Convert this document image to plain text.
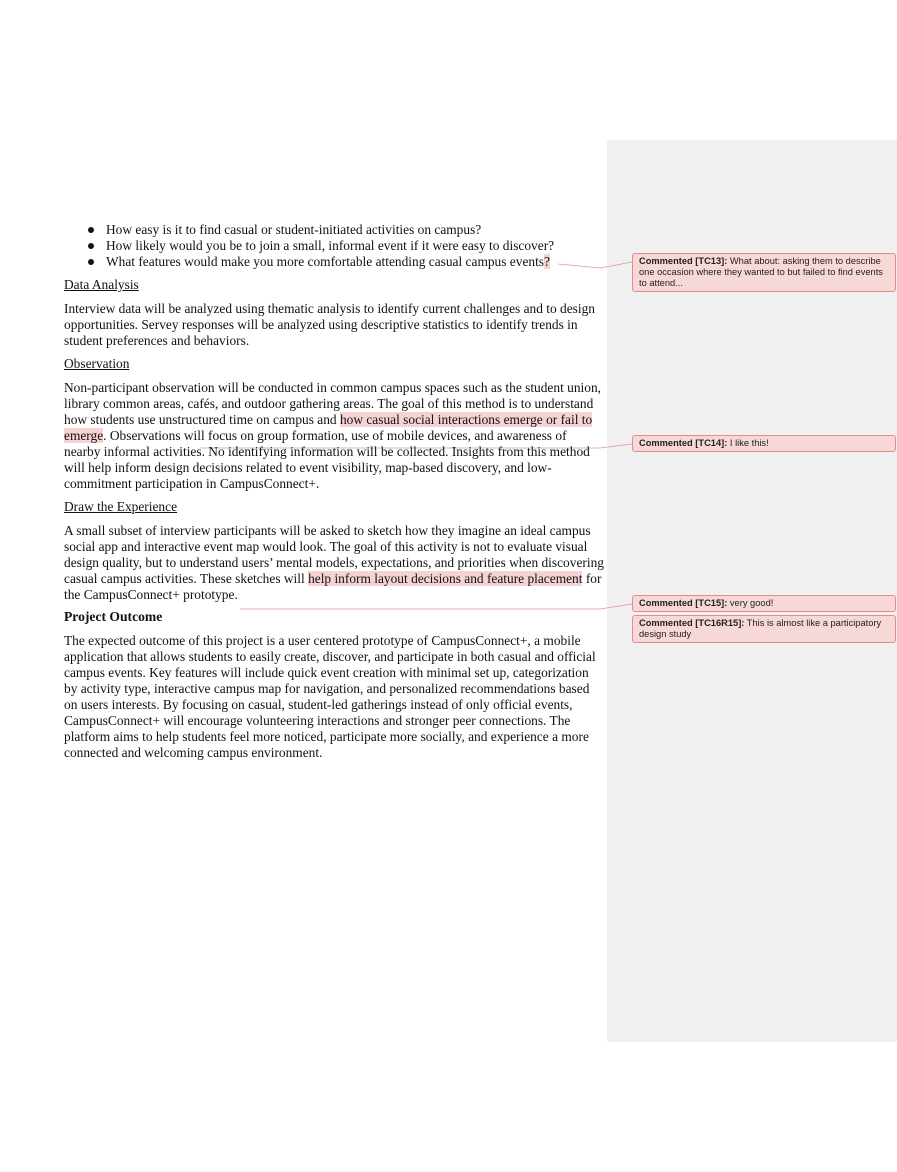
How easy is it to find casual or student-initiated activities on campus?
How likely would you be to join a small, informal event if it were easy to discover?
What features would make you more comfortable attending casual campus events?

Data Analysis

Interview data will be analyzed using thematic analysis to identify current challenges and to design opportunities. Servey responses will be analyzed using descriptive statistics to identify trends in student preferences and behaviors.

Observation

Non-participant observation will be conducted in common campus spaces such as the student union, library common areas, cafés, and outdoor gathering areas. The goal of this method is to understand how students use unstructured time on campus and how casual social interactions emerge or fail to emerge. Observations will focus on group formation, use of mobile devices, and awareness of nearby informal activities. No identifying information will be collected. Insights from this method will help inform design decisions related to event visibility, map-based discovery, and low-commitment participation in CampusConnect+.

Draw the Experience

A small subset of interview participants will be asked to sketch how they imagine an ideal campus social app and interactive event map would look. The goal of this activity is not to evaluate visual design quality, but to understand users’ mental models, expectations, and priorities when discovering casual campus activities. These sketches will help inform layout decisions and feature placement for the CampusConnect+ prototype.

Project Outcome

The expected outcome of this project is a user centered prototype of CampusConnect+, a mobile application that allows students to easily create, discover, and participate in both casual and official campus events. Key features will include quick event creation with minimal set up, categorization by activity type, interactive campus map for navigation, and personalized recommendations based on users interests. By focusing on casual, student-led gatherings instead of only official events, CampusConnect+ will encourage volunteering interactions and stronger peer connections. The platform aims to help students feel more noticed, participate more socially, and experience a more connected and welcoming campus environment.

Commented [TC13]: What about: asking them to describe one occasion where they wanted to but failed to find events to attend...
Commented [TC14]: I like this!
Commented [TC15]: very good!
Commented [TC16R15]: This is almost like a participatory design study
